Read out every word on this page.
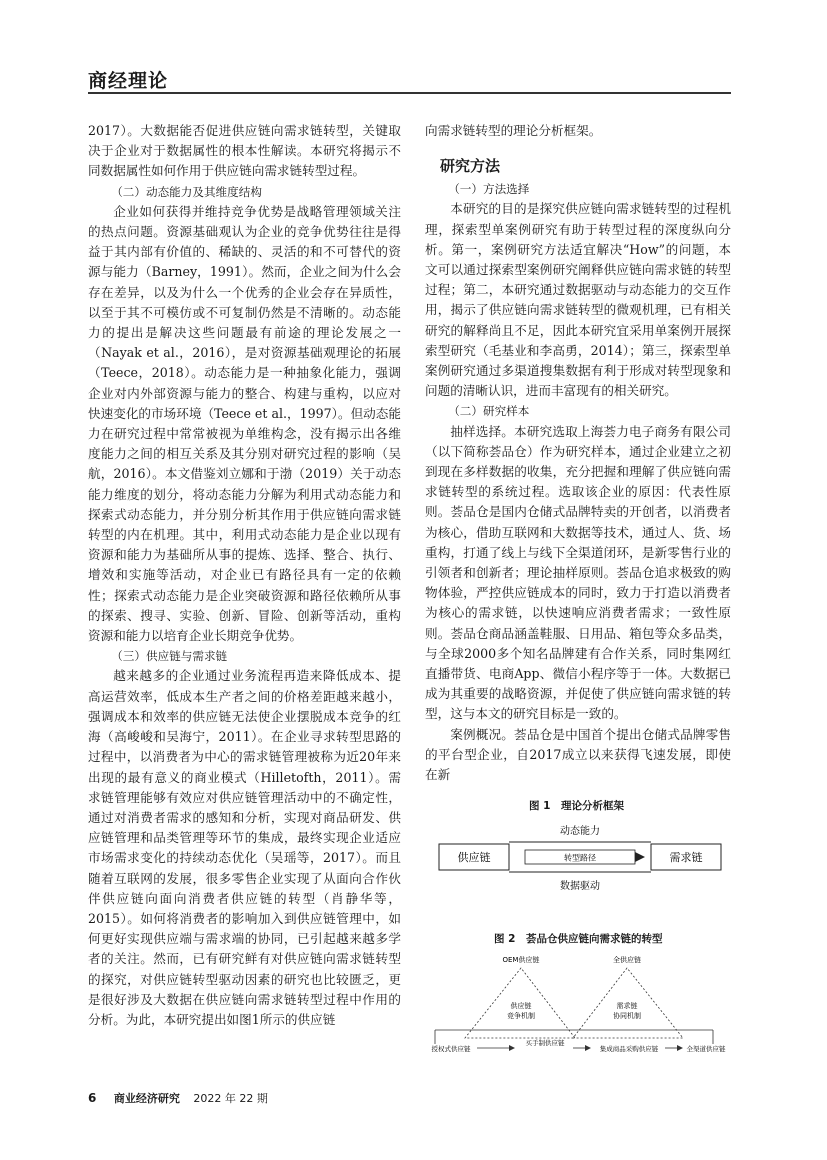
商经理论

2017）。大数据能否促进供应链向需求链转型，关键取决于企业对于数据属性的根本性解读。本研究将揭示不同数据属性如何作用于供应链向需求链转型过程。

（二）动态能力及其维度结构

企业如何获得并维持竞争优势是战略管理领域关注的热点问题。资源基础观认为企业的竞争优势往往是得益于其内部有价值的、稀缺的、灵活的和不可替代的资源与能力（Barney，1991）。然而，企业之间为什么会存在差异，以及为什么一个优秀的企业会存在异质性，以至于其不可模仿或不可复制仍然是不清晰的。动态能力的提出是解决这些问题最有前途的理论发展之一（Nayak et al.，2016），是对资源基础观理论的拓展（Teece，2018）。动态能力是一种抽象化能力，强调企业对内外部资源与能力的整合、构建与重构，以应对快速变化的市场环境（Teece et al.，1997）。但动态能力在研究过程中常常被视为单维构念，没有揭示出各维度能力之间的相互关系及其分别对研究过程的影响（吴航，2016）。本文借鉴刘立娜和于渤（2019）关于动态能力维度的划分，将动态能力分解为利用式动态能力和探索式动态能力，并分别分析其作用于供应链向需求链转型的内在机理。其中，利用式动态能力是企业以现有资源和能力为基础所从事的提炼、选择、整合、执行、增效和实施等活动，对企业已有路径具有一定的依赖性；探索式动态能力是企业突破资源和路径依赖所从事的探索、搜寻、实验、创新、冒险、创新等活动，重构资源和能力以培育企业长期竞争优势。

（三）供应链与需求链

越来越多的企业通过业务流程再造来降低成本、提高运营效率，低成本生产者之间的价格差距越来越小，强调成本和效率的供应链无法使企业摆脱成本竞争的红海（高峻峻和吴海宁，2011）。在企业寻求转型思路的过程中，以消费者为中心的需求链管理被称为近20年来出现的最有意义的商业模式（Hilletofth，2011）。需求链管理能够有效应对供应链管理活动中的不确定性，通过对消费者需求的感知和分析，实现对商品研发、供应链管理和品类管理等环节的集成，最终实现企业适应市场需求变化的持续动态优化（吴瑶等，2017）。而且随着互联网的发展，很多零售企业实现了从面向合作伙伴供应链向面向消费者供应链的转型（肖静华等，2015）。如何将消费者的影响加入到供应链管理中，如何更好实现供应端与需求端的协同，已引起越来越多学者的关注。然而，已有研究鲜有对供应链向需求链转型的探究，对供应链转型驱动因素的研究也比较匮乏，更是很好涉及大数据在供应链向需求链转型过程中作用的分析。为此，本研究提出如图1所示的供应链

向需求链转型的理论分析框架。

研究方法
（一）方法选择

本研究的目的是探究供应链向需求链转型的过程机理，探索型单案例研究有助于转型过程的深度纵向分析。第一，案例研究方法适宜解决“How”的问题，本文可以通过探索型案例研究阐释供应链向需求链的转型过程；第二，本研究通过数据驱动与动态能力的交互作用，揭示了供应链向需求链转型的微观机理，已有相关研究的解释尚且不足，因此本研究宜采用单案例开展探索型研究（毛基业和李高勇，2014）；第三，探索型单案例研究通过多渠道搜集数据有利于形成对转型现象和问题的清晰认识，进而丰富现有的相关研究。

（二）研究样本

抽样选择。本研究选取上海荟力电子商务有限公司（以下简称荟品仓）作为研究样本，通过企业建立之初到现在多样数据的收集，充分把握和理解了供应链向需求链转型的系统过程。选取该企业的原因：代表性原则。荟品仓是国内仓储式品牌特卖的开创者，以消费者为核心，借助互联网和大数据等技术，通过人、货、场重构，打通了线上与线下全渠道闭环，是新零售行业的引领者和创新者；理论抽样原则。荟品仓追求极致的购物体验，严控供应链成本的同时，致力于打造以消费者为核心的需求链，以快速响应消费者需求；一致性原则。荟品仓商品涵盖鞋服、日用品、箱包等众多品类，与全球2000多个知名品牌建有合作关系，同时集网红直播带货、电商App、微信小程序等于一体。大数据已成为其重要的战略资源，并促使了供应链向需求链的转型，这与本文的研究目标是一致的。

案例概况。荟品仓是中国首个提出仓储式品牌零售的平台型企业，自2017成立以来获得飞速发展，即使在新

图 1　理论分析框架
供应链	需求链
转型路径
动态能力
数据驱动
图 2　荟品仓供应链向需求链的转型
OEM供应链	全供应链
供应链
竞争机制
需求链
协同机制
授权式供应链
买手制供应链
集成商品采购供应链	全渠道供应链
6 商业经济研究 2022 年 22 期
